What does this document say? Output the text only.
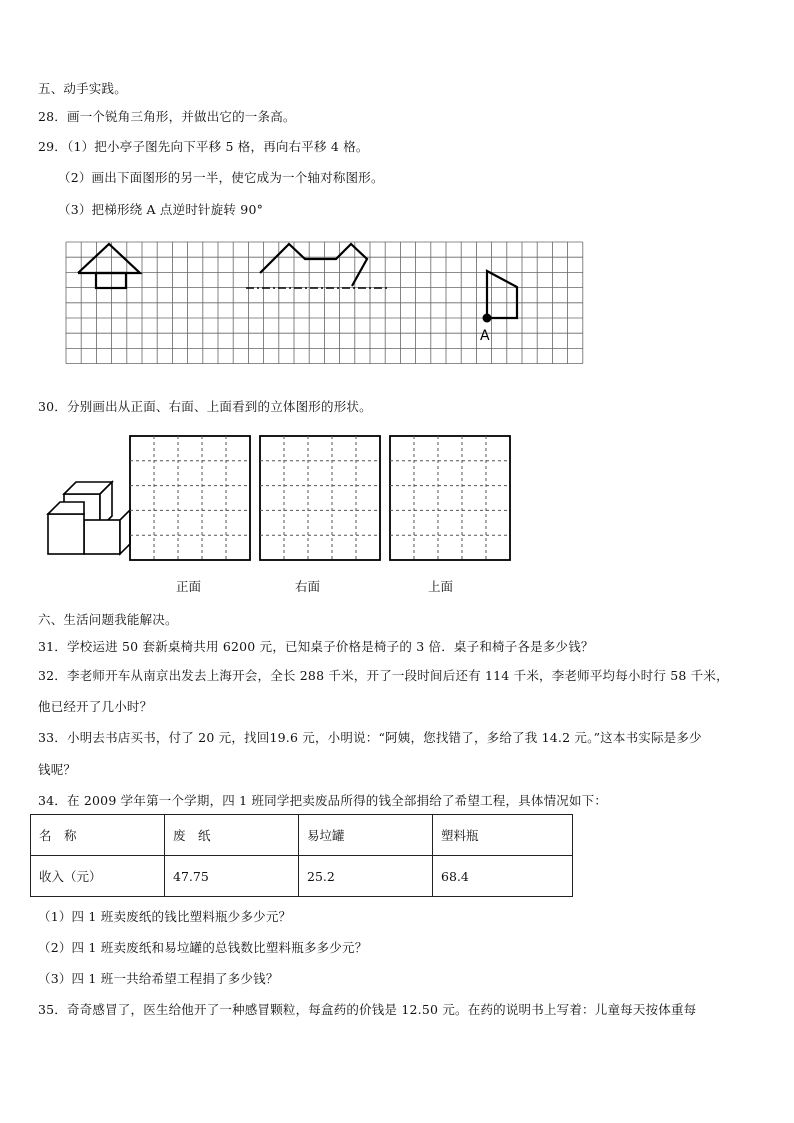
五、动手实践。
28．画一个锐角三角形，并做出它的一条高。
29．（1）把小亭子图先向下平移 5 格，再向右平移 4 格。
（2）画出下面图形的另一半，使它成为一个轴对称图形。
（3）把梯形绕 A 点逆时针旋转 90°
A
30．分别画出从正面、右面、上面看到的立体图形的形状。
正面	右面	上面
六、生活问题我能解决。
31．学校运进 50 套新桌椅共用 6200 元，已知桌子价格是椅子的 3 倍．桌子和椅子各是多少钱？
32．李老师开车从南京出发去上海开会，全长 288 千米，开了一段时间后还有 114 千米，李老师平均每小时行 58 千米，
他已经开了几小时？
33．小明去书店买书，付了 20 元，找回19.6 元，小明说：“阿姨，您找错了，多给了我 14.2 元。”这本书实际是多少
钱呢？
34．在 2009 学年第一个学期，四 1 班同学把卖废品所得的钱全部捐给了希望工程，具体情况如下：
名　称	废　纸	易垃罐	塑料瓶
收入（元）	47.75	25.2	68.4
（1）四 1 班卖废纸的钱比塑料瓶少多少元？
（2）四 1 班卖废纸和易垃罐的总钱数比塑料瓶多多少元？
（3）四 1 班一共给希望工程捐了多少钱？
35．奇奇感冒了，医生给他开了一种感冒颗粒，每盒药的价钱是 12.50 元。在药的说明书上写着：儿童每天按体重每
